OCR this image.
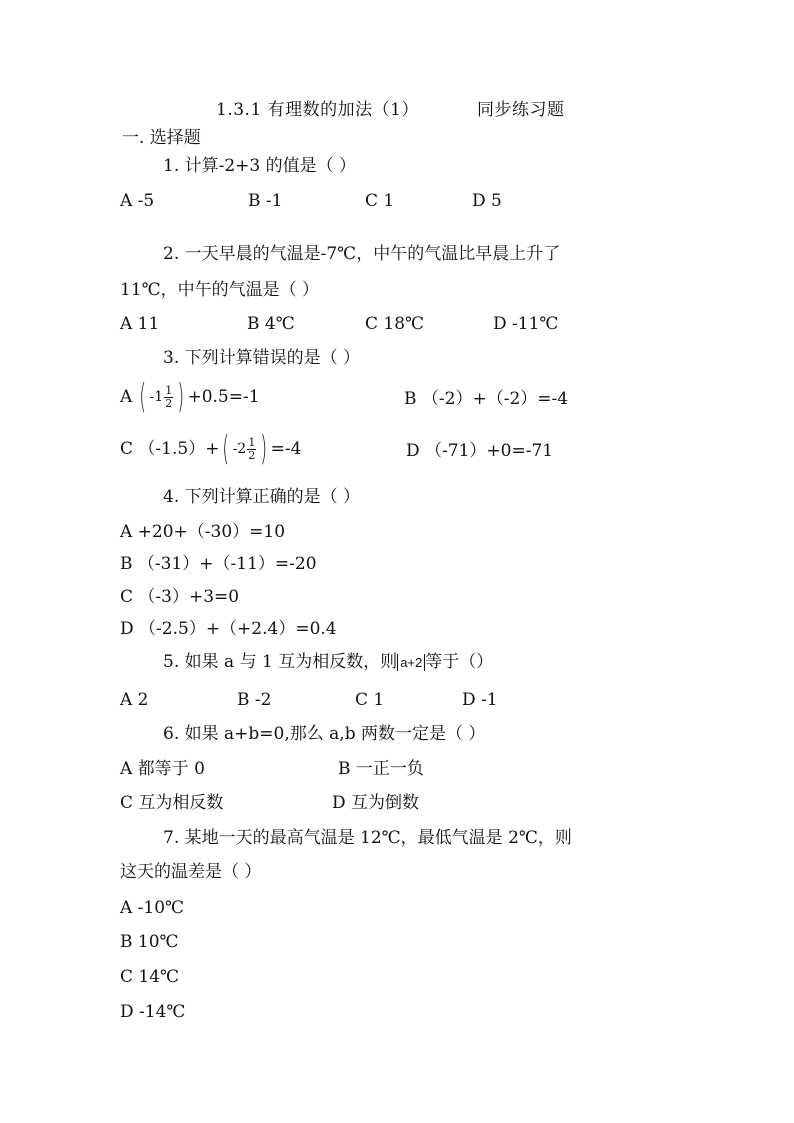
1.3.1 有理数的加法（1）	同步练习题
一. 选择题
1. 计算-2+3 的值是（ ）
A -5	B -1	C 1	D 5
2. 一天早晨的气温是-7℃，中午的气温比早晨上升了
11℃，中午的气温是（ ）
A 11	B 4℃	C 18℃	D -11℃
3. 下列计算错误的是（ ）
A ( $-1 \frac{1}{2}$ ) +0.5=-1	B （-2）+（-2）=-4
C （-1.5）+ ( $-2 \frac{1}{2}$ ) =-4	D （-71）+0=-71
4. 下列计算正确的是（ ）
A +20+（-30）=10
B （-31）+（-11）=-20
C （-3）+3=0
D （-2.5）+（+2.4）=0.4
5. 如果 a 与 1 互为相反数，则 a+2 等于（）
A 2	B -2	C 1	D -1
6. 如果 a+b=0,那么 a,b 两数一定是（ ）
A 都等于 0	B 一正一负
C 互为相反数	D 互为倒数
7. 某地一天的最高气温是 12℃，最低气温是 2℃，则
这天的温差是（ ）
A -10℃
B 10℃
C 14℃
D -14℃
